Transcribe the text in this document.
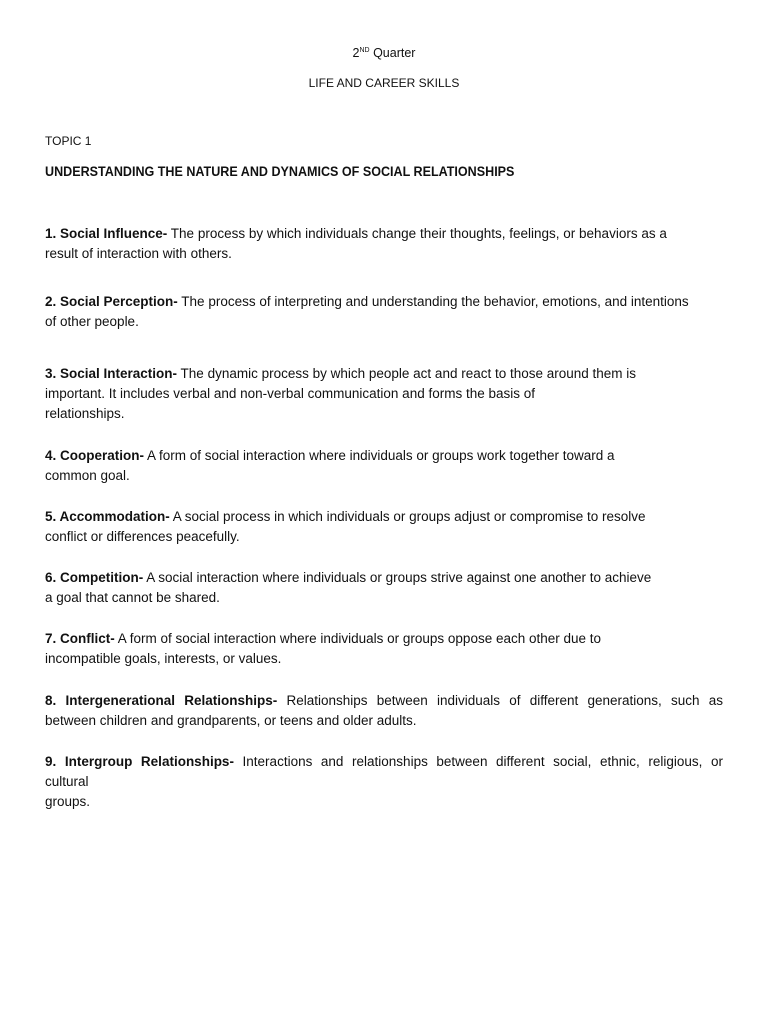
2ND Quarter
LIFE AND CAREER SKILLS
TOPIC 1
UNDERSTANDING THE NATURE AND DYNAMICS OF SOCIAL RELATIONSHIPS
1. Social Influence- The process by which individuals change their thoughts, feelings, or behaviors as a
result of interaction with others.
2. Social Perception- The process of interpreting and understanding the behavior, emotions, and intentions
of other people.
3. Social Interaction- The dynamic process by which people act and react to those around them is
important. It includes verbal and non-verbal communication and forms the basis of
relationships.
4. Cooperation- A form of social interaction where individuals or groups work together toward a
common goal.
5. Accommodation- A social process in which individuals or groups adjust or compromise to resolve
conflict or differences peacefully.
6. Competition- A social interaction where individuals or groups strive against one another to achieve
a goal that cannot be shared.
7. Conflict- A form of social interaction where individuals or groups oppose each other due to
incompatible goals, interests, or values.
8. Intergenerational Relationships- Relationships between individuals of different generations, such as
between children and grandparents, or teens and older adults.
9. Intergroup Relationships- Interactions and relationships between different social, ethnic, religious, or
cultural
groups.
